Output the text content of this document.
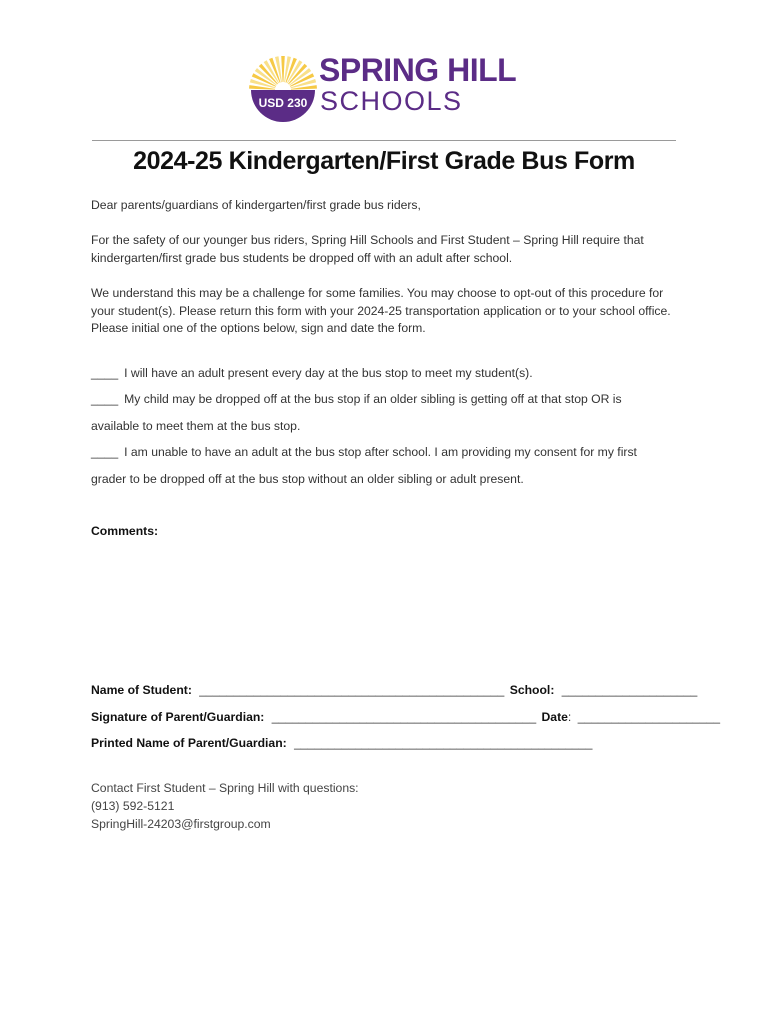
USD 230
SPRING HILL
SCHOOLS
2024-25 Kindergarten/First Grade Bus Form
Dear parents/guardians of kindergarten/first grade bus riders,
For the safety of our younger bus riders, Spring Hill Schools and First Student – Spring Hill require that kindergarten/first grade bus students be dropped off with an adult after school.
We understand this may be a challenge for some families. You may choose to opt-out of this procedure for your student(s). Please return this form with your 2024-25 transportation application or to your school office. Please initial one of the options below, sign and date the form.
____ I will have an adult present every day at the bus stop to meet my student(s).
____ My child may be dropped off at the bus stop if an older sibling is getting off at that stop OR is
available to meet them at the bus stop.
____ I am unable to have an adult at the bus stop after school. I am providing my consent for my first
grader to be dropped off at the bus stop without an older sibling or adult present.
Comments:
Name of Student: _____________________________________________ School: ____________________
Signature of Parent/Guardian: _______________________________________ Date: _____________________
Printed Name of Parent/Guardian: ____________________________________________
Contact First Student – Spring Hill with questions:
(913) 592-5121
SpringHill-24203@firstgroup.com
